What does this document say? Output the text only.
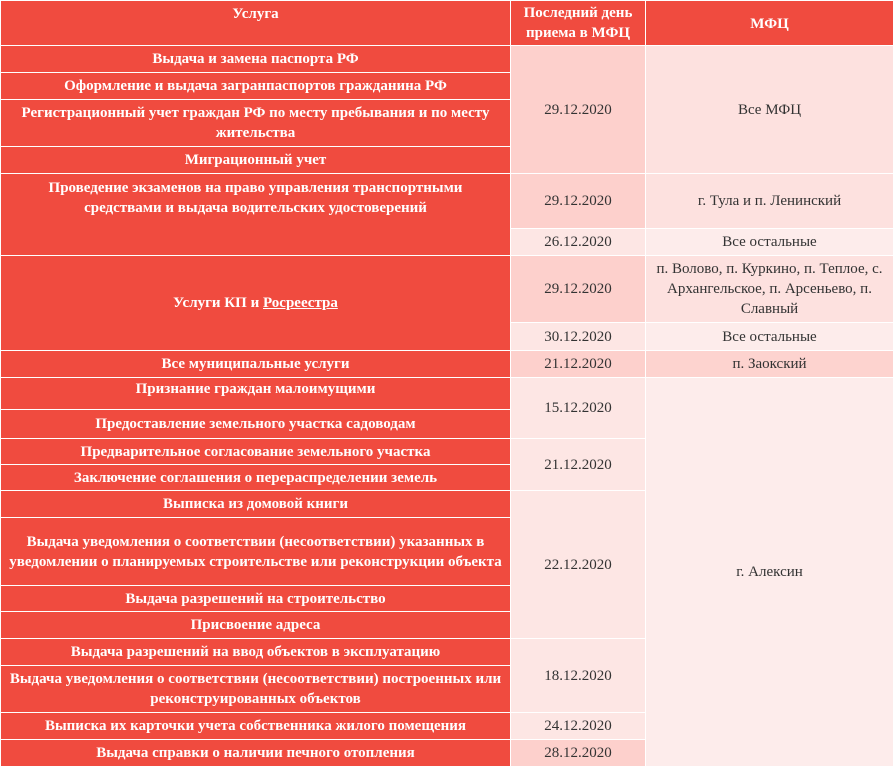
Услуга	Последний день приема в МФЦ	МФЦ
Выдача и замена паспорта РФ	29.12.2020	Все МФЦ
Оформление и выдача загранпаспортов гражданина РФ		
Регистрационный учет граждан РФ по месту пребывания и по месту жительства		
Миграционный учет		
Проведение экзаменов на право управления транспортными средствами и выдача водительских удостоверений	29.12.2020	г. Тула и п. Ленинский
	26.12.2020	Все остальные
Услуги КП и Росреестра	29.12.2020	п. Волово, п. Куркино, п. Теплое, с. Архангельское, п. Арсеньево, п. Славный
	30.12.2020	Все остальные
Все муниципальные услуги	21.12.2020	п. Заокский
Признание граждан малоимущими	15.12.2020	г. Алексин
Предоставление земельного участка садоводам		
Предварительное согласование земельного участка	21.12.2020	
Заключение соглашения о перераспределении земель		
Выписка из домовой книги	22.12.2020	
Выдача уведомления о соответствии (несоответствии) указанных в уведомлении о планируемых строительстве или реконструкции объекта		
Выдача разрешений на строительство		
Присвоение адреса		
Выдача разрешений на ввод объектов в эксплуатацию	18.12.2020	
Выдача уведомления о соответствии (несоответствии) построенных или реконструированных объектов		
Выписка их карточки учета собственника жилого помещения	24.12.2020	
Выдача справки о наличии печного отопления	28.12.2020	
